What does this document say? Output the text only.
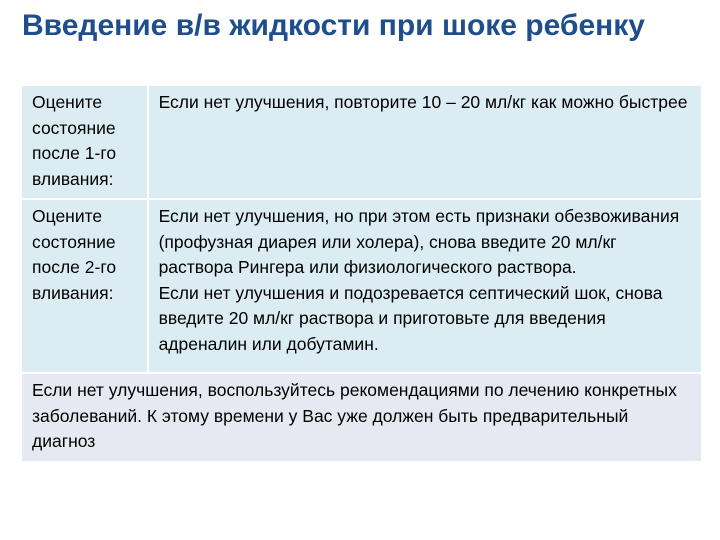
Введение в/в жидкости при шоке ребенку
Оцените состояние после 1-го вливания:	Если нет улучшения, повторите 10 – 20 мл/кг как можно быстрее

Оцените состояние после 2-го вливания:	Если нет улучшения, но при этом есть признаки обезвоживания (профузная диарея или холера), снова введите 20 мл/кг раствора Рингера или физиологического раствора.
Если нет улучшения и подозревается септический шок, снова введите 20 мл/кг раствора и приготовьте для введения адреналин или добутамин.

Если нет улучшения, воспользуйтесь рекомендациями по лечению конкретных заболеваний. К этому времени у Вас уже должен быть предварительный диагноз	
